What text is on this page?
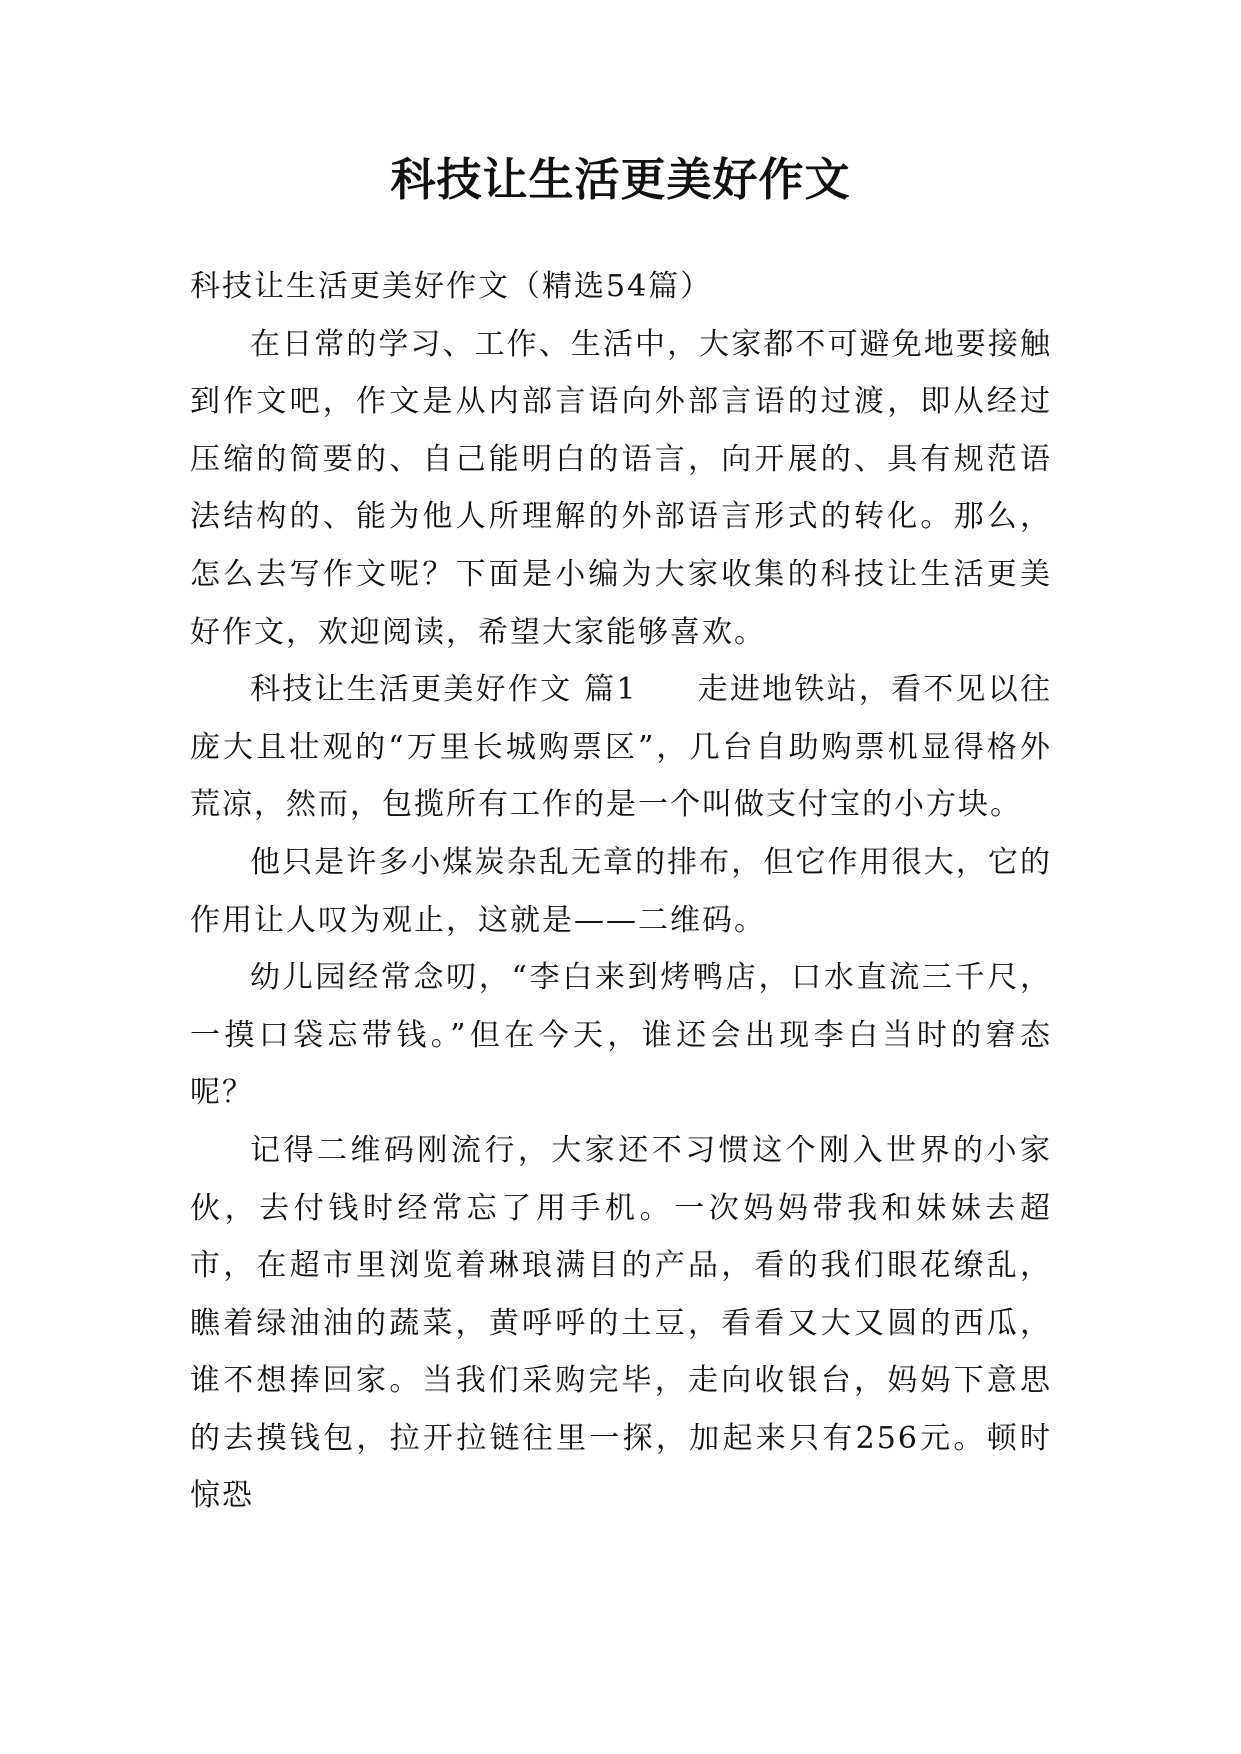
科技让生活更美好作文

科技让生活更美好作文（精选54篇）

在日常的学习、工作、生活中，大家都不可避免地要接触到作文吧，作文是从内部言语向外部言语的过渡，即从经过压缩的简要的、自己能明白的语言，向开展的、具有规范语法结构的、能为他人所理解的外部语言形式的转化。那么，怎么去写作文呢？下面是小编为大家收集的科技让生活更美好作文，欢迎阅读，希望大家能够喜欢。

科技让生活更美好作文 篇1 走进地铁站，看不见以往庞大且壮观的“万里长城购票区”，几台自助购票机显得格外荒凉，然而，包揽所有工作的是一个叫做支付宝的小方块。

他只是许多小煤炭杂乱无章的排布，但它作用很大，它的作用让人叹为观止，这就是——二维码。

幼儿园经常念叨，“李白来到烤鸭店，口水直流三千尺，一摸口袋忘带钱。”但在今天，谁还会出现李白当时的窘态呢？

记得二维码刚流行，大家还不习惯这个刚入世界的小家伙，去付钱时经常忘了用手机。一次妈妈带我和妹妹去超市，在超市里浏览着琳琅满目的产品，看的我们眼花缭乱，瞧着绿油油的蔬菜，黄呼呼的土豆，看看又大又圆的西瓜，谁不想捧回家。当我们采购完毕，走向收银台，妈妈下意思的去摸钱包，拉开拉链往里一探，加起来只有256元。顿时惊恐
